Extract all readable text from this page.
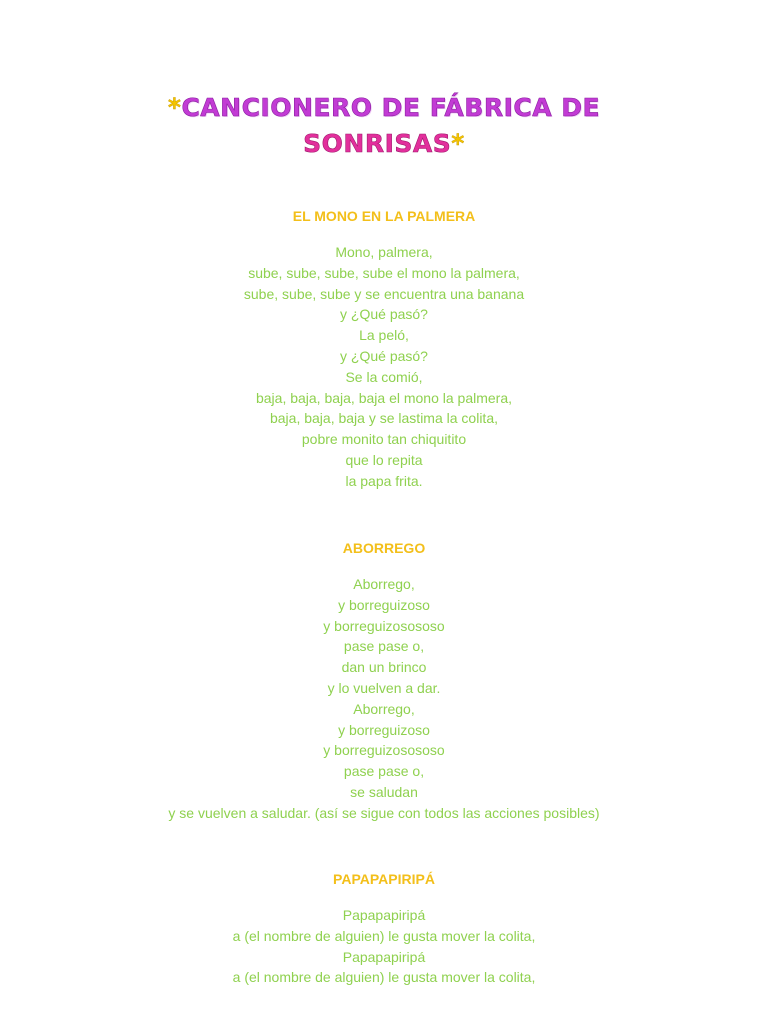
*CANCIONERO DE FÁBRICA DE
SONRISAS*
EL MONO EN LA PALMERA
Mono, palmera,
sube, sube, sube, sube el mono la palmera,
sube, sube, sube y se encuentra una banana
y ¿Qué pasó?
La peló,
y ¿Qué pasó?
Se la comió,
baja, baja, baja, baja el mono la palmera,
baja, baja, baja y se lastima la colita,
pobre monito tan chiquitito
que lo repita
la papa frita.
ABORREGO
Aborrego,
y borreguizoso
y borreguizosososo
pase pase o,
dan un brinco
y lo vuelven a dar.
Aborrego,
y borreguizoso
y borreguizosososo
pase pase o,
se saludan
y se vuelven a saludar. (así se sigue con todos las acciones posibles)
PAPAPAPIRIPÁ
Papapapiripá
a (el nombre de alguien) le gusta mover la colita,
Papapapiripá
a (el nombre de alguien) le gusta mover la colita,
